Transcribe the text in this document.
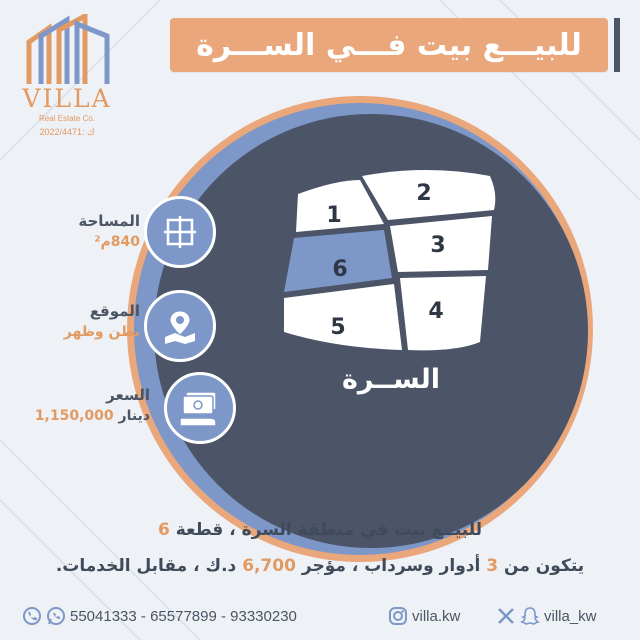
VILLA
Real Estate Co.
ك :2022/4471
للبيـــع بيت فـــي الســـرة
1
2
3
4
5
6
الســرة
المساحة
840م²
الموقع
بطن وظهر
السعر
دينار 1,150,000
للبيــع بيت في منطقة السرة ، قطعة 6
يتكون من 3 أدوار وسرداب ، مؤجر 6,700 د.ك ، مقابل الخدمات.
55041333 - 65577899 - 93330230	villa.kw	villa_kw
